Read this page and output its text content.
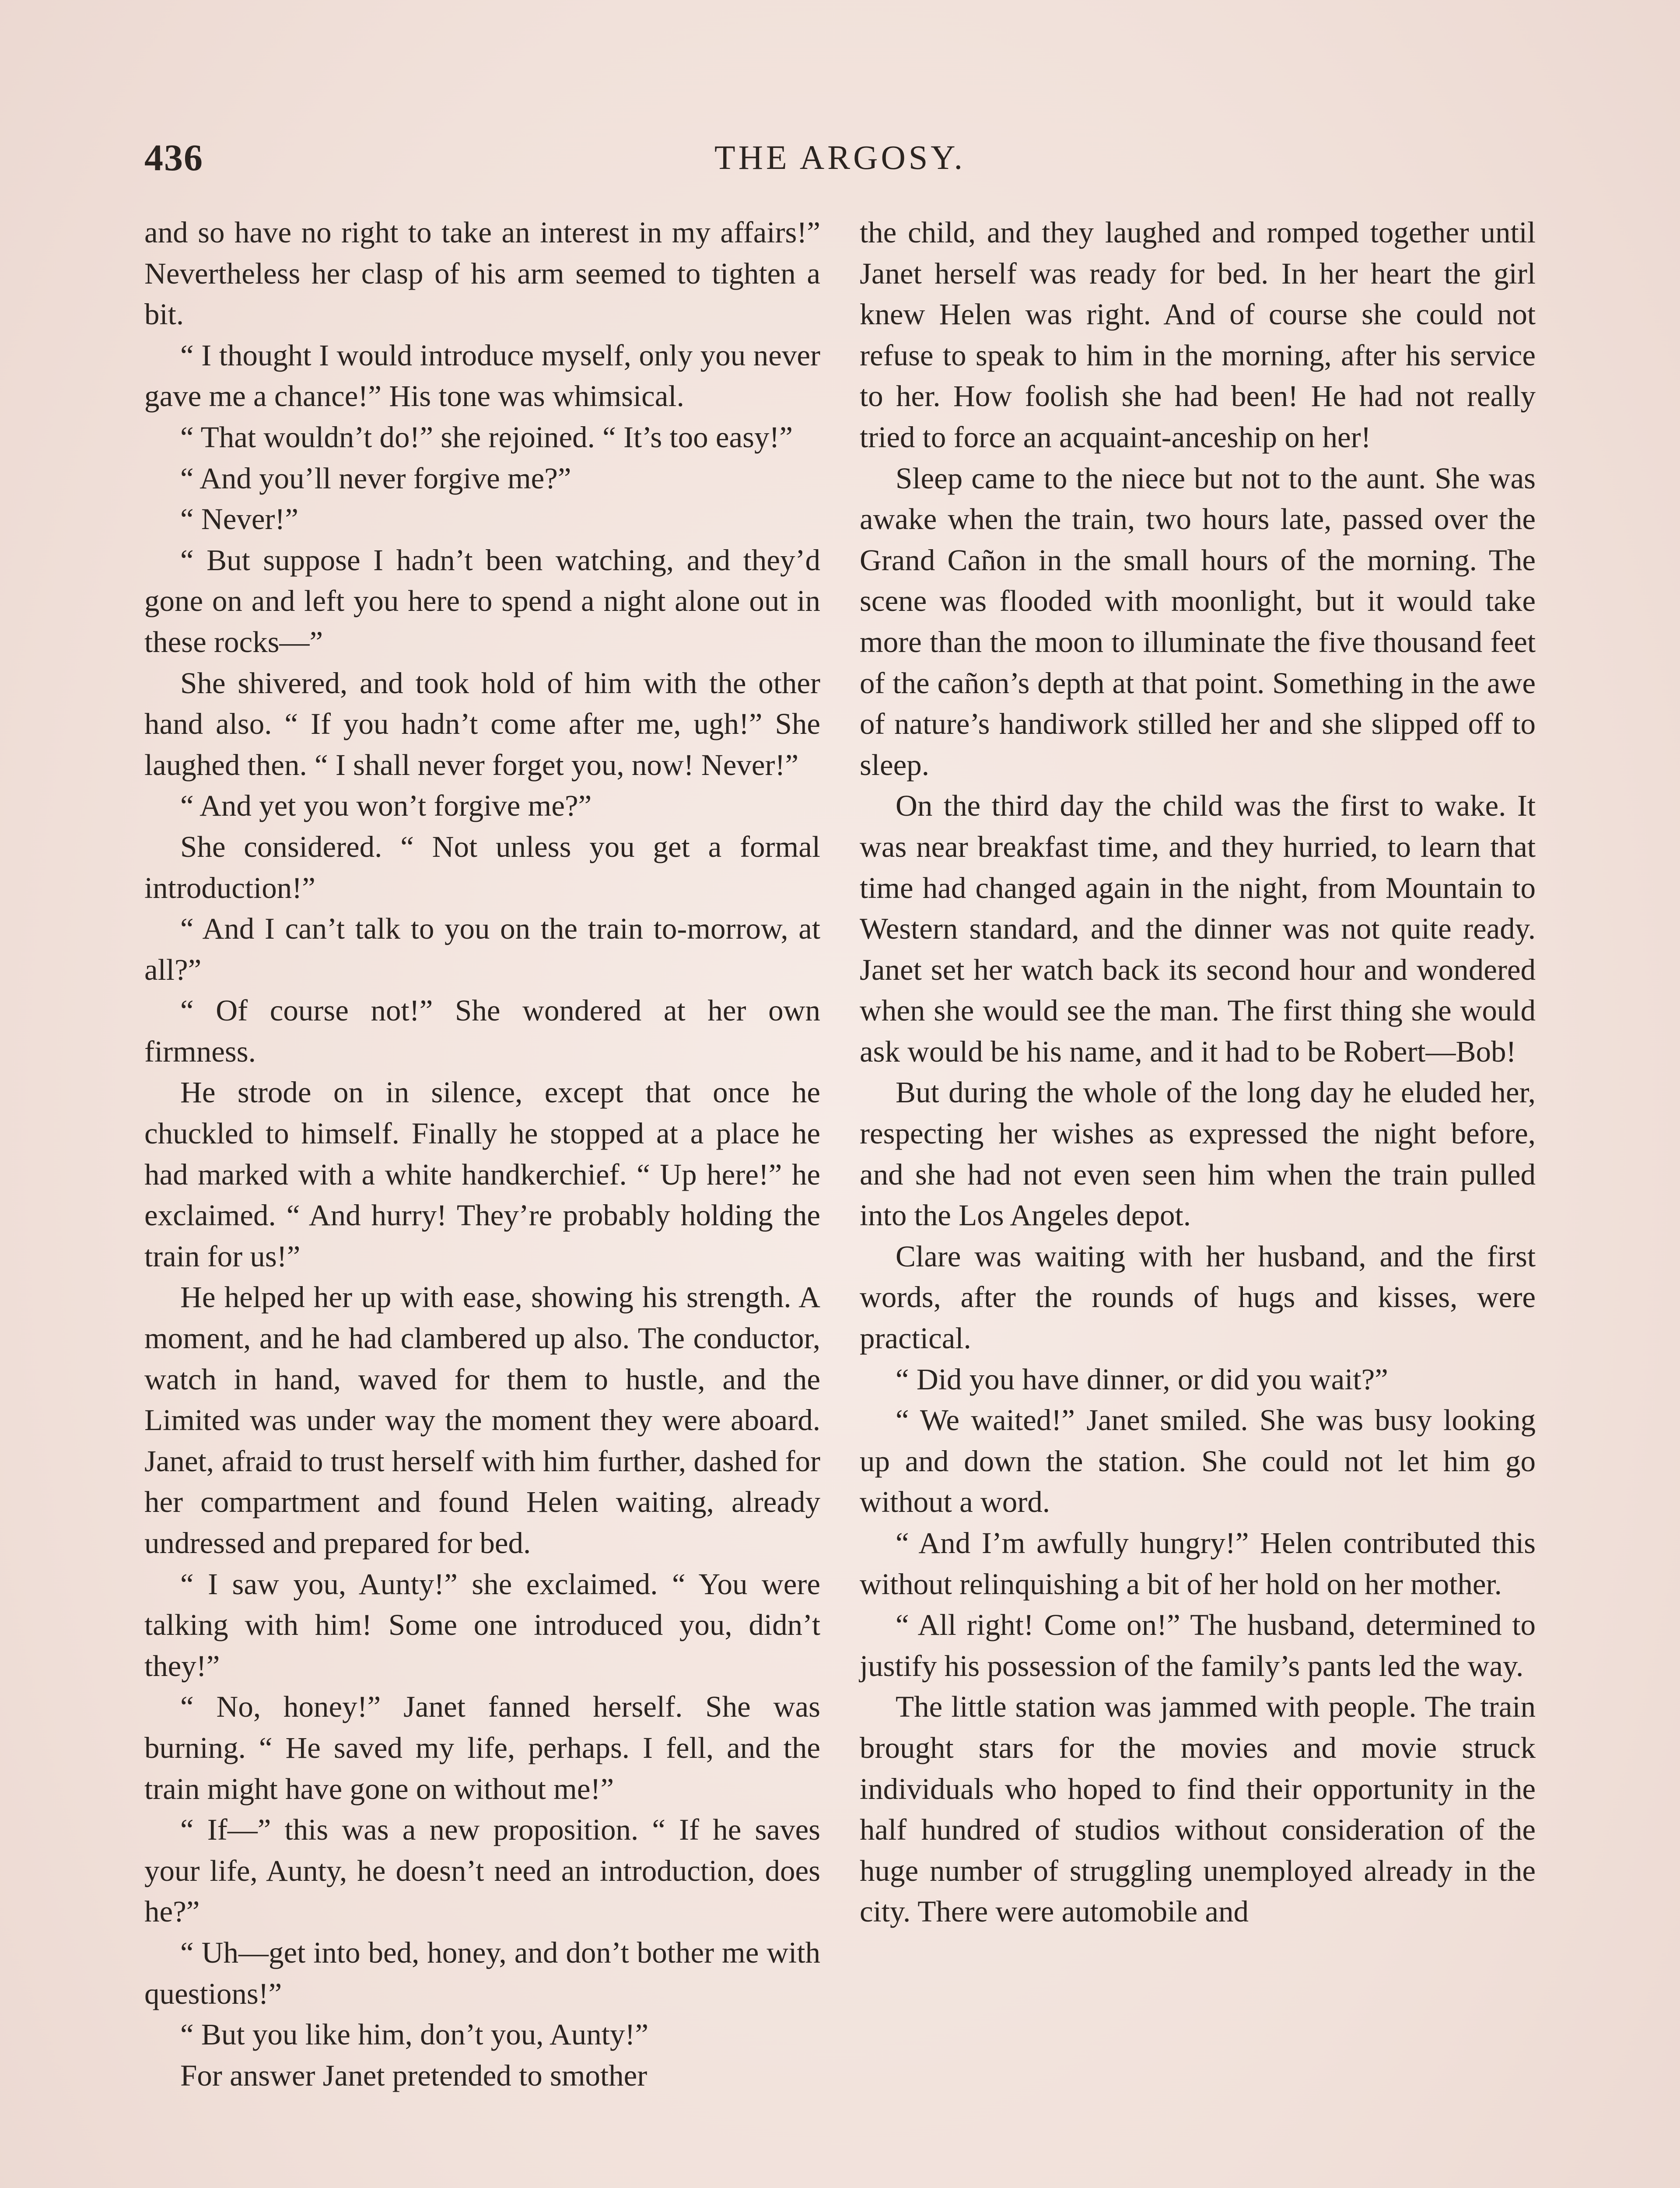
436	THE ARGOSY.

and so have no right to take an interest in my affairs!” Nevertheless her clasp of his arm seemed to tighten a bit.

“ I thought I would introduce myself, only you never gave me a chance!” His tone was whimsical.

“ That wouldn’t do!” she rejoined. “ It’s too easy!”

“ And you’ll never forgive me?”

“ Never!”

“ But suppose I hadn’t been watching, and they’d gone on and left you here to spend a night alone out in these rocks—”

She shivered, and took hold of him with the other hand also. “ If you hadn’t come after me, ugh!” She laughed then. “ I shall never forget you, now! Never!”

“ And yet you won’t forgive me?”

She considered. “ Not unless you get a formal introduction!”

“ And I can’t talk to you on the train to-morrow, at all?”

“ Of course not!” She wondered at her own firmness.

He strode on in silence, except that once he chuckled to himself. Finally he stopped at a place he had marked with a white handkerchief. “ Up here!” he exclaimed. “ And hurry! They’re probably holding the train for us!”

He helped her up with ease, showing his strength. A moment, and he had clambered up also. The conductor, watch in hand, waved for them to hustle, and the Limited was under way the moment they were aboard. Janet, afraid to trust herself with him further, dashed for her compartment and found Helen waiting, already undressed and prepared for bed.

“ I saw you, Aunty!” she exclaimed. “ You were talking with him! Some one introduced you, didn’t they!”

“ No, honey!” Janet fanned herself. She was burning. “ He saved my life, perhaps. I fell, and the train might have gone on without me!”

“ If—” this was a new proposition. “ If he saves your life, Aunty, he doesn’t need an introduction, does he?”

“ Uh—get into bed, honey, and don’t bother me with questions!”

“ But you like him, don’t you, Aunty!”

For answer Janet pretended to smother

the child, and they laughed and romped together until Janet herself was ready for bed. In her heart the girl knew Helen was right. And of course she could not refuse to speak to him in the morning, after his service to her. How foolish she had been! He had not really tried to force an acquaint-anceship on her!

Sleep came to the niece but not to the aunt. She was awake when the train, two hours late, passed over the Grand Cañon in the small hours of the morning. The scene was flooded with moonlight, but it would take more than the moon to illuminate the five thousand feet of the cañon’s depth at that point. Something in the awe of nature’s handiwork stilled her and she slipped off to sleep.

On the third day the child was the first to wake. It was near breakfast time, and they hurried, to learn that time had changed again in the night, from Mountain to Western standard, and the dinner was not quite ready. Janet set her watch back its second hour and wondered when she would see the man. The first thing she would ask would be his name, and it had to be Robert—Bob!

But during the whole of the long day he eluded her, respecting her wishes as expressed the night before, and she had not even seen him when the train pulled into the Los Angeles depot.

Clare was waiting with her husband, and the first words, after the rounds of hugs and kisses, were practical.

“ Did you have dinner, or did you wait?”

“ We waited!” Janet smiled. She was busy looking up and down the station. She could not let him go without a word.

“ And I’m awfully hungry!” Helen contributed this without relinquishing a bit of her hold on her mother.

“ All right! Come on!” The husband, determined to justify his possession of the family’s pants led the way.

The little station was jammed with people. The train brought stars for the movies and movie struck individuals who hoped to find their opportunity in the half hundred of studios without consideration of the huge number of struggling unemployed already in the city. There were automobile and
